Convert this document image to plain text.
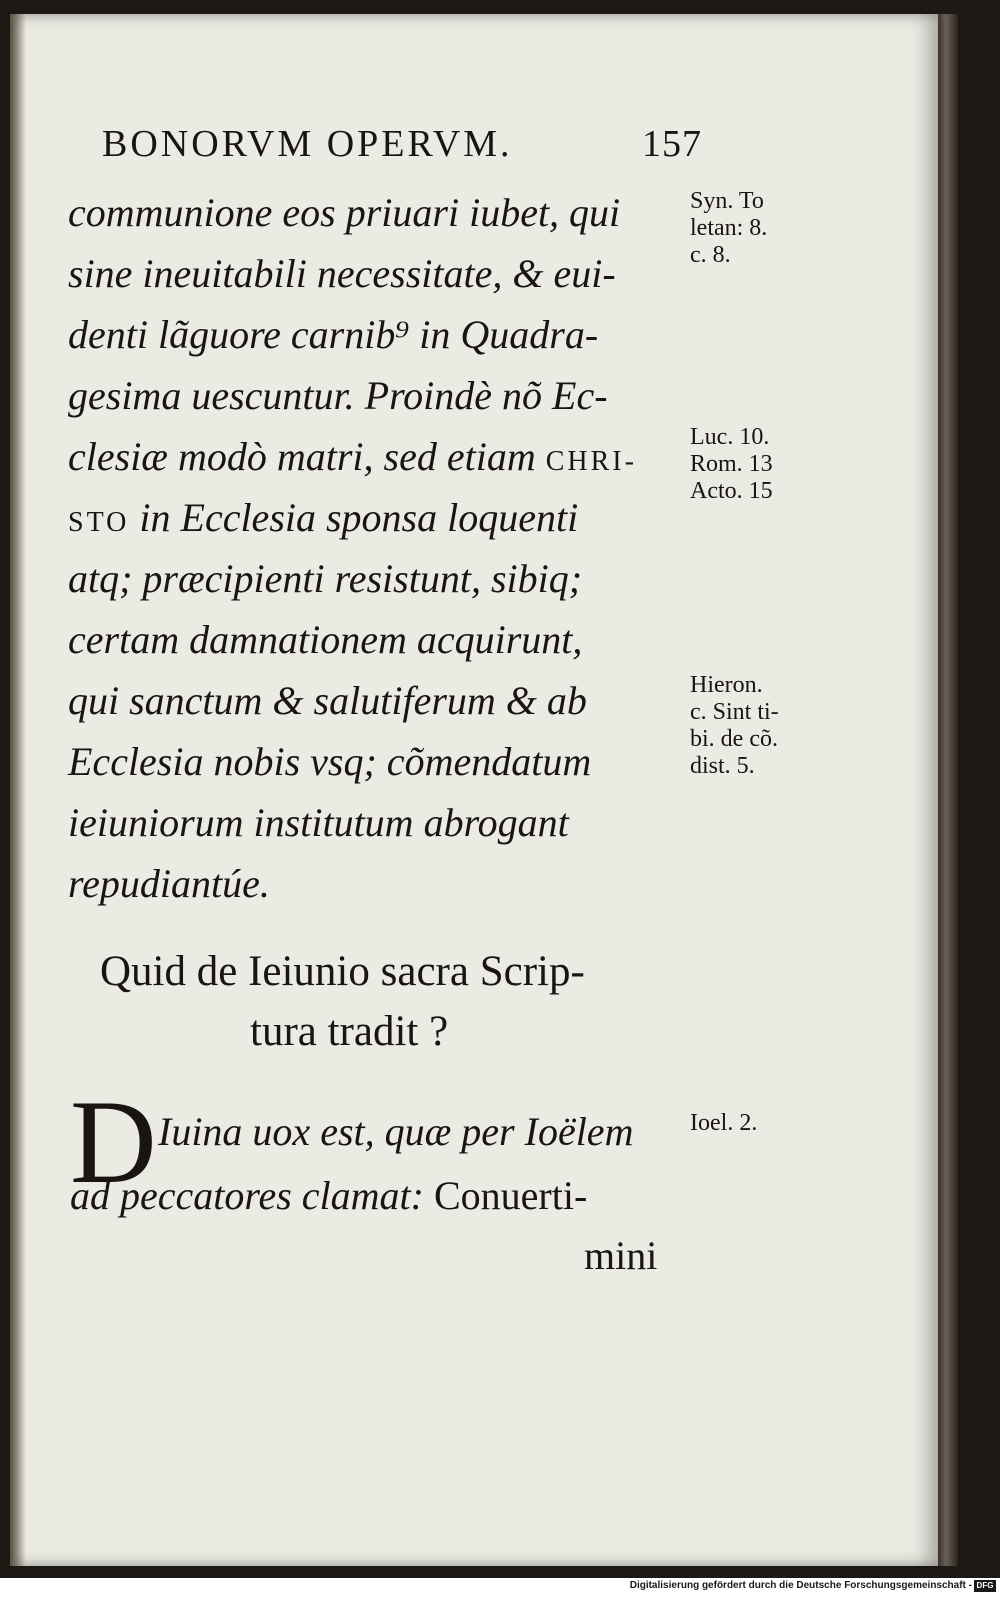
BONORVM OPERVM.	157
communione eos priuari iubet, qui
sine ineuitabili necessitate, & eui-
denti lãguore carnib⁹ in Quadra-
gesima uescuntur. Proindè nõ Ec-
clesiæ modò matri, sed etiam CHRI-
STO in Ecclesia sponsa loquenti
atq; præcipienti resistunt, sibiq;
certam damnationem acquirunt,
qui sanctum & salutiferum & ab
Ecclesia nobis vsq; cõmendatum
ieiuniorum institutum abrogant
repudiantúe.
Syn. To
letan: 8.
c. 8.
Luc. 10.
Rom. 13
Acto. 15
Hieron.
c. Sint ti-
bi. de cõ.
dist. 5.
Ioel. 2.
Quid de Ieiunio sacra Scrip-
tura tradit ?
D Iuina uox est, quæ per Ioëlem
ad peccatores clamat: Conuerti-
mini
Digitalisierung gefördert durch die Deutsche Forschungsgemeinschaft - DFG
